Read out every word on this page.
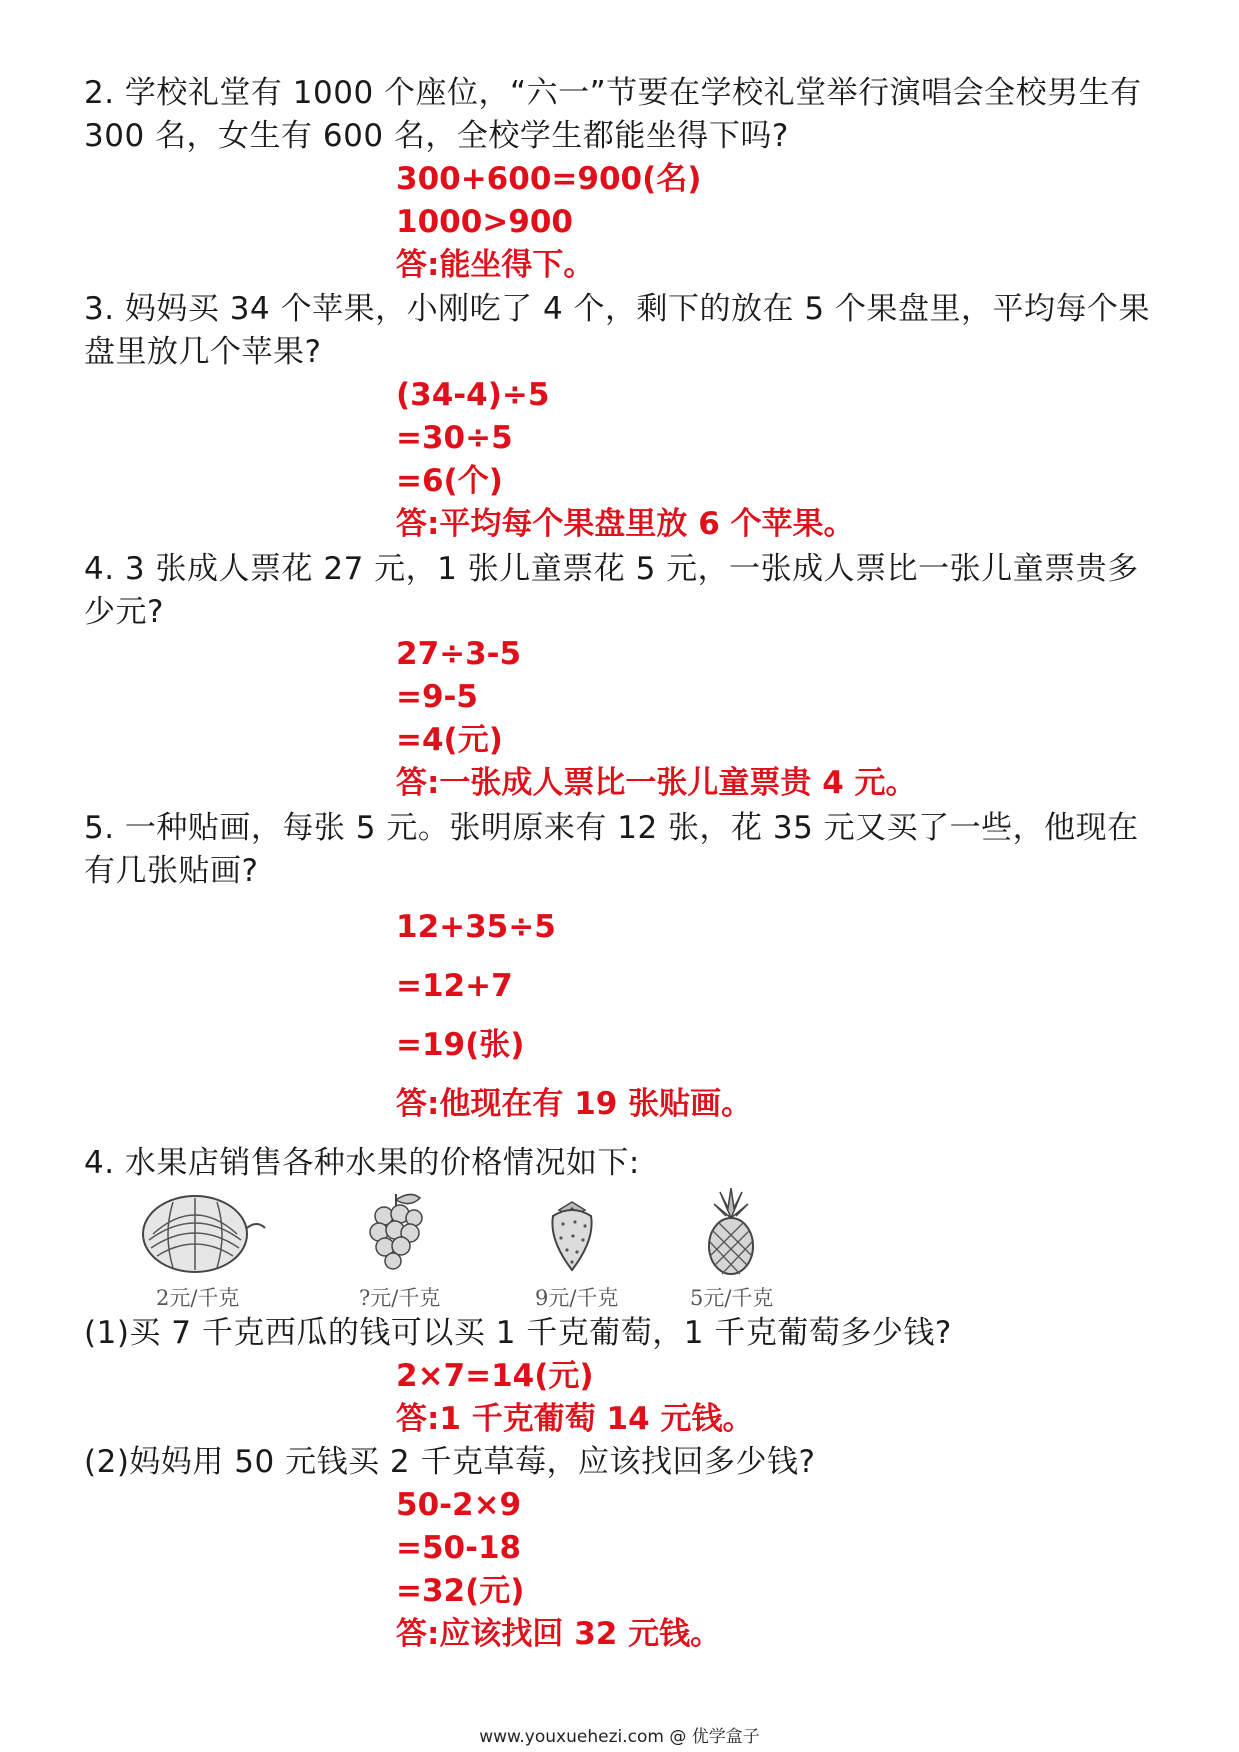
2. 学校礼堂有 1000 个座位，“六一”节要在学校礼堂举行演唱会全校男生有 300 名，女生有 600 名，全校学生都能坐得下吗?
300+600=900(名)
1000>900
答:能坐得下。
3. 妈妈买 34 个苹果，小刚吃了 4 个，剩下的放在 5 个果盘里，平均每个果盘里放几个苹果?
(34-4)÷5
=30÷5
=6(个)
答:平均每个果盘里放 6 个苹果。
4. 3 张成人票花 27 元，1 张儿童票花 5 元，一张成人票比一张儿童票贵多少元?
27÷3-5
=9-5
=4(元)
答:一张成人票比一张儿童票贵 4 元。
5. 一种贴画，每张 5 元。张明原来有 12 张，花 35 元又买了一些，他现在有几张贴画?
12+35÷5
=12+7
=19(张)
答:他现在有 19 张贴画。
4. 水果店销售各种水果的价格情况如下:
2元/千克	?元/千克	9元/千克	5元/千克
(1)买 7 千克西瓜的钱可以买 1 千克葡萄，1 千克葡萄多少钱?
2×7=14(元)
答:1 千克葡萄 14 元钱。
(2)妈妈用 50 元钱买 2 千克草莓，应该找回多少钱?
50-2×9
=50-18
=32(元)
答:应该找回 32 元钱。
www.youxuehezi.com @ 优学盒子
